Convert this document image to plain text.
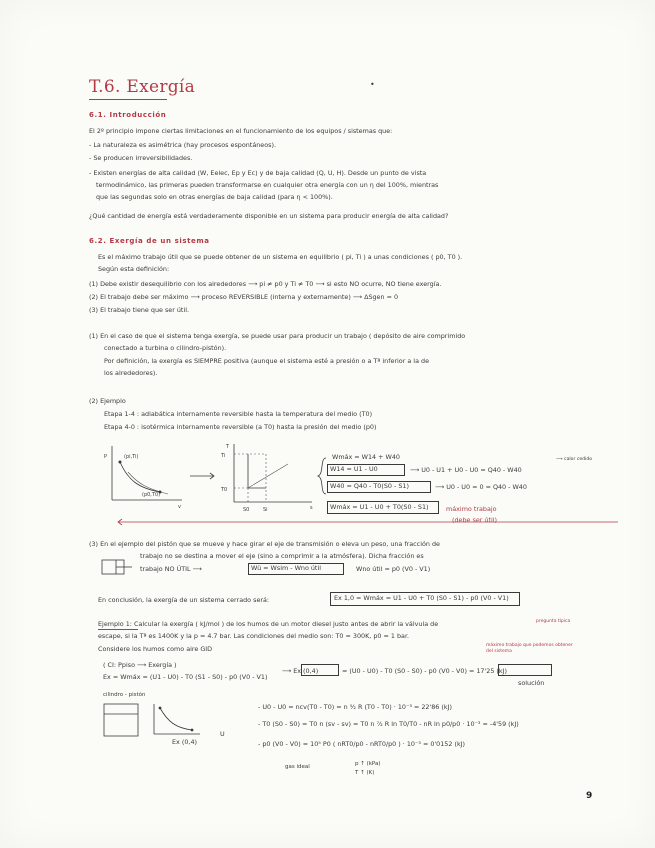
T.6. Exergía	•
6.1. Introducción
El 2º principio impone ciertas limitaciones en el funcionamiento de los equipos / sistemas que:
- La naturaleza es asimétrica (hay procesos espontáneos).
- Se producen irreversibilidades.
- Existen energías de alta calidad (W, Eelec, Ep y Ec) y de baja calidad (Q, U, H). Desde un punto de vista
termodinámico, las primeras pueden transformarse en cualquier otra energía con un η del 100%, mientras
que las segundas solo en otras energías de baja calidad (para η < 100%).
¿Qué cantidad de energía está verdaderamente disponible en un sistema para producir energía de alta calidad?
6.2. Exergía de un sistema
Es el máximo trabajo útil que se puede obtener de un sistema en equilibrio ( pi, Ti ) a unas condiciones ( p0, T0 ).
Según esta definición:
(1) Debe existir desequilibrio con los alrededores ⟶ pi ≠ p0 y Ti ≠ T0 ⟶ si esto NO ocurre, NO tiene exergía.
(2) El trabajo debe ser máximo ⟶ proceso REVERSIBLE (interna y externamente) ⟶ ΔSgen = 0
(3) El trabajo tiene que ser útil.
(1) En el caso de que el sistema tenga exergía, se puede usar para producir un trabajo ( depósito de aire comprimido
conectado a turbina o cilindro-pistón).
Por definición, la exergía es SIEMPRE positiva (aunque el sistema esté a presión o a Tª inferior a la de
los alrededores).
(2) Ejemplo
Etapa 1-4 : adiabática internamente reversible hasta la temperatura del medio (T0)
Etapa 4-0 : isotérmica internamente reversible (a T0) hasta la presión del medio (p0)
P
v
(pi,Ti)
(p0,T0)
T
Ti
T0
s
S0	Si
⟶ calor cedido
Wmáx = W14 + W40
W14 = U1 - U0	⟶ U0 - U1 + U0 - U0 = Q40 - W40
W40 = Q40 - T0(S0 - S1)	⟶ U0 - U0 = 0 = Q40 - W40
Wmáx = U1 - U0 + T0(S0 - S1)	máximo trabajo
(debe ser útil)
(3) En el ejemplo del pistón que se mueve y hace girar el eje de transmisión o eleva un peso, una fracción de
trabajo no se destina a mover el eje (sino a comprimir a la atmósfera). Dicha fracción es
trabajo NO ÚTIL ⟶	Wü = Wsim - Wno útil	Wno útil = p0 (V0 - V1)
En conclusión, la exergía de un sistema cerrado será:	Ex 1,0 = Wmáx = U1 - U0 + T0 (S0 - S1) - p0 (V0 - V1)
Ejemplo 1: Calcular la exergía ( kJ/mol ) de los humos de un motor diesel justo antes de abrir la válvula de
escape, si la Tª es 1400K y la p = 4.7 bar. Las condiciones del medio son: T0 = 300K, p0 = 1 bar.
Considere los humos como aire GID
pregunta típica
máximo trabajo que podemos obtener del sistema
( CI: Ppiso ⟶ Exergía )
Ex = Wmáx = (U1 - U0) - T0 (S1 - S0) - p0 (V0 - V1)
⟶ Ex (0,4)	= (U0 - U0) - T0 (S0 - S0) - p0 (V0 - V0) = 17'25 (kJ)
solución
cilindro - pistón
Ex (0,4)
U
- U0 - U0 = ncv(T0 - T0) = n ⁵⁄₂ R (T0 - T0) · 10⁻³ = 22'86 (kJ)
- T0 (S0 - S0) = T0 n (sv - sv) = T0 n ⁷⁄₂ R ln T0/T0 - nR ln p0/p0 · 10⁻³ = -4'59 (kJ)
- p0 (V0 - V0) = 10⁵ P0 ( nRT0/p0 - nRT0/p0 ) · 10⁻³ = 0'0152 (kJ)
p ↑ (kPa)
T ↑ (K)
gas ideal
9
